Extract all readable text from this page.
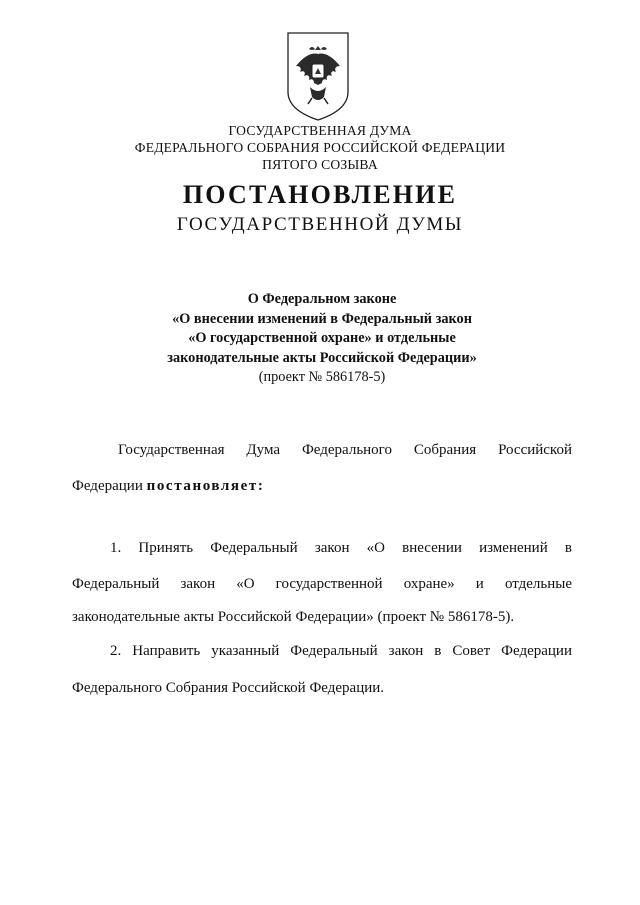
ГОСУДАРСТВЕННАЯ ДУМА
ФЕДЕРАЛЬНОГО СОБРАНИЯ РОССИЙСКОЙ ФЕДЕРАЦИИ
ПЯТОГО СОЗЫВА
ПОСТАНОВЛЕНИЕ
ГОСУДАРСТВЕННОЙ ДУМЫ
О Федеральном законе
«О внесении изменений в Федеральный закон
«О государственной охране» и отдельные
законодательные акты Российской Федерации»
(проект № 586178-5)
Государственная Дума Федерального Собрания Российской
Федерации постановляет:
1. Принять Федеральный закон «О внесении изменений в
Федеральный закон «О государственной охране» и отдельные
законодательные акты Российской Федерации» (проект № 586178-5).
2. Направить указанный Федеральный закон в Совет Федерации
Федерального Собрания Российской Федерации.
